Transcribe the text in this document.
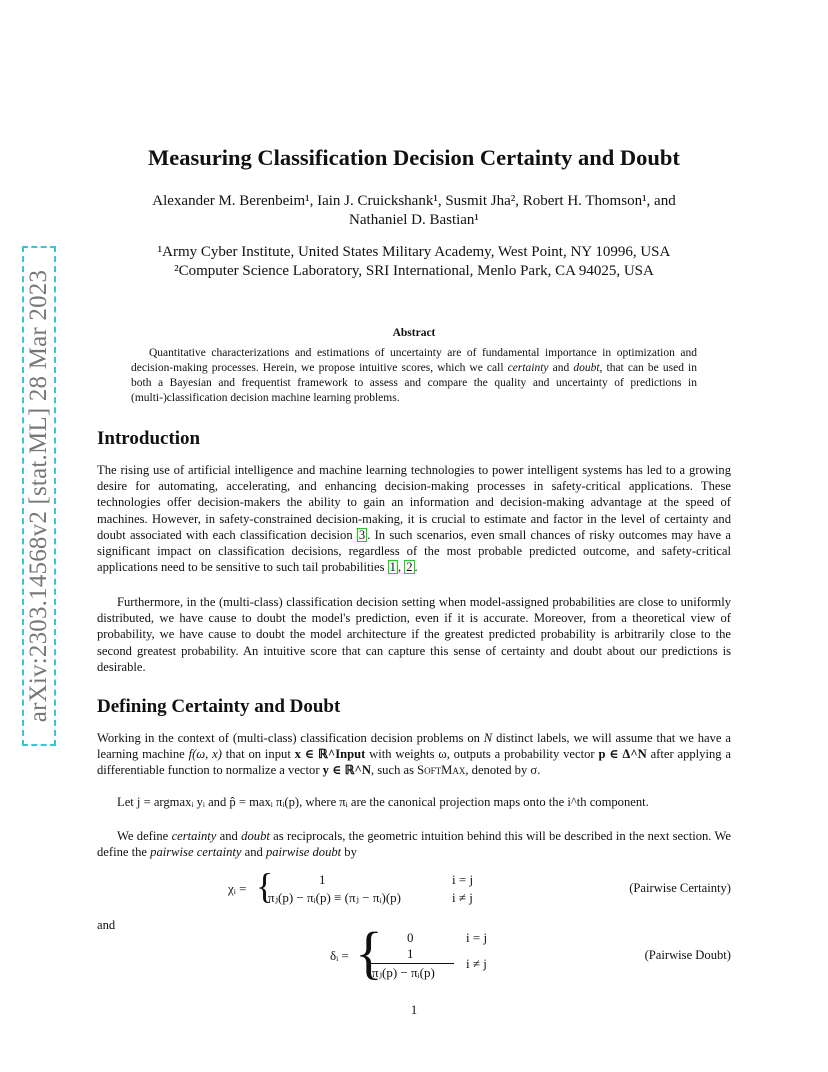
arXiv:2303.14568v2 [stat.ML] 28 Mar 2023
Measuring Classification Decision Certainty and Doubt
Alexander M. Berenbeim¹, Iain J. Cruickshank¹, Susmit Jha², Robert H. Thomson¹, and
Nathaniel D. Bastian¹
¹Army Cyber Institute, United States Military Academy, West Point, NY 10996, USA
²Computer Science Laboratory, SRI International, Menlo Park, CA 94025, USA
Abstract
Quantitative characterizations and estimations of uncertainty are of fundamental importance in optimization and decision-making processes. Herein, we propose intuitive scores, which we call certainty and doubt, that can be used in both a Bayesian and frequentist framework to assess and compare the quality and uncertainty of predictions in (multi-)classification decision machine learning problems.
Introduction

The rising use of artificial intelligence and machine learning technologies to power intelligent systems has led to a growing desire for automating, accelerating, and enhancing decision-making processes in safety-critical applications. These technologies offer decision-makers the ability to gain an information and decision-making advantage at the speed of machines. However, in safety-constrained decision-making, it is crucial to estimate and factor in the level of certainty and doubt associated with each classification decision 3 . In such scenarios, even small chances of risky outcomes may have a significant impact on classification decisions, regardless of the most probable predicted outcome, and safety-critical applications need to be sensitive to such tail probabilities 1 , 2 .

Furthermore, in the (multi-class) classification decision setting when model-assigned probabilities are close to uniformly distributed, we have cause to doubt the model's prediction, even if it is accurate. Moreover, from a theoretical view of probability, we have cause to doubt the model architecture if the greatest predicted probability is arbitrarily close to the second greatest probability. An intuitive score that can capture this sense of certainty and doubt about our predictions is desirable.

Defining Certainty and Doubt

Working in the context of (multi-class) classification decision problems on N distinct labels, we will assume that we have a learning machine f(ω, x) that on input x ∈ ℝ^Input with weights ω, outputs a probability vector p ∈ Δ^N after applying a differentiable function to normalize a vector y ∈ ℝ^N, such as SoftMax, denoted by σ.

Let j = argmaxᵢ yᵢ and p̂ = maxᵢ πᵢ(p), where πᵢ are the canonical projection maps onto the i^th component.

We define certainty and doubt as reciprocals, the geometric intuition behind this will be described in the next section. We define the pairwise certainty and pairwise doubt by

χᵢ = {	1	i = j
πⱼ(p) − πᵢ(p) ≡ (πⱼ − πᵢ)(p)	i ≠ j
(Pairwise Certainty)
and
δᵢ = { 0	i = j
1
πⱼ(p) − πᵢ(p)
i ≠ j
(Pairwise Doubt)
1
